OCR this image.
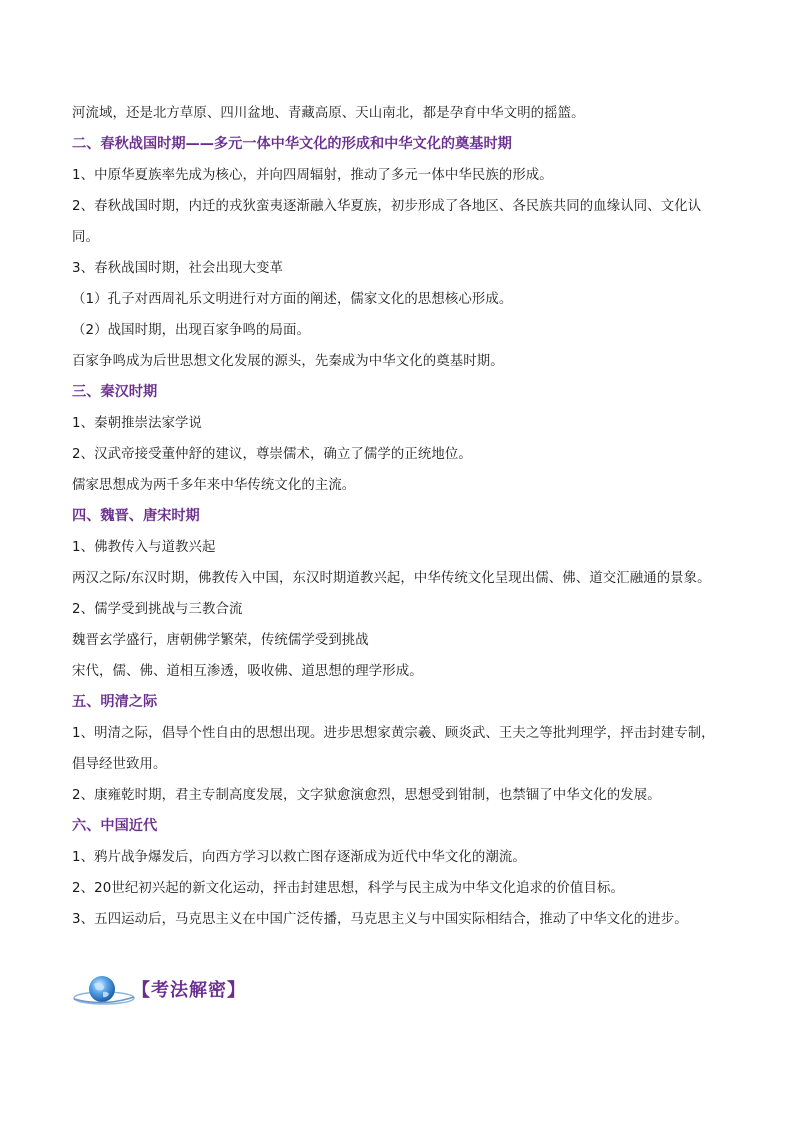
河流域，还是北方草原、四川盆地、青藏高原、天山南北，都是孕育中华文明的摇篮。
二、春秋战国时期——多元一体中华文化的形成和中华文化的奠基时期
1、中原华夏族率先成为核心，并向四周辐射，推动了多元一体中华民族的形成。
2、春秋战国时期，内迁的戎狄蛮夷逐渐融入华夏族，初步形成了各地区、各民族共同的血缘认同、文化认
同。
3、春秋战国时期，社会出现大变革
（1）孔子对西周礼乐文明进行对方面的阐述，儒家文化的思想核心形成。
（2）战国时期，出现百家争鸣的局面。
百家争鸣成为后世思想文化发展的源头，先秦成为中华文化的奠基时期。
三、秦汉时期
1、秦朝推崇法家学说
2、汉武帝接受董仲舒的建议，尊崇儒术，确立了儒学的正统地位。
儒家思想成为两千多年来中华传统文化的主流。
四、魏晋、唐宋时期
1、佛教传入与道教兴起
两汉之际/东汉时期，佛教传入中国，东汉时期道教兴起，中华传统文化呈现出儒、佛、道交汇融通的景象。
2、儒学受到挑战与三教合流
魏晋玄学盛行，唐朝佛学繁荣，传统儒学受到挑战
宋代，儒、佛、道相互渗透，吸收佛、道思想的理学形成。
五、明清之际
1、明清之际，倡导个性自由的思想出现。进步思想家黄宗羲、顾炎武、王夫之等批判理学，抨击封建专制，
倡导经世致用。
2、康雍乾时期，君主专制高度发展，文字狱愈演愈烈，思想受到钳制，也禁锢了中华文化的发展。
六、中国近代
1、鸦片战争爆发后，向西方学习以救亡图存逐渐成为近代中华文化的潮流。
2、20世纪初兴起的新文化运动，抨击封建思想，科学与民主成为中华文化追求的价值目标。
3、五四运动后，马克思主义在中国广泛传播，马克思主义与中国实际相结合，推动了中华文化的进步。
【考法解密】
